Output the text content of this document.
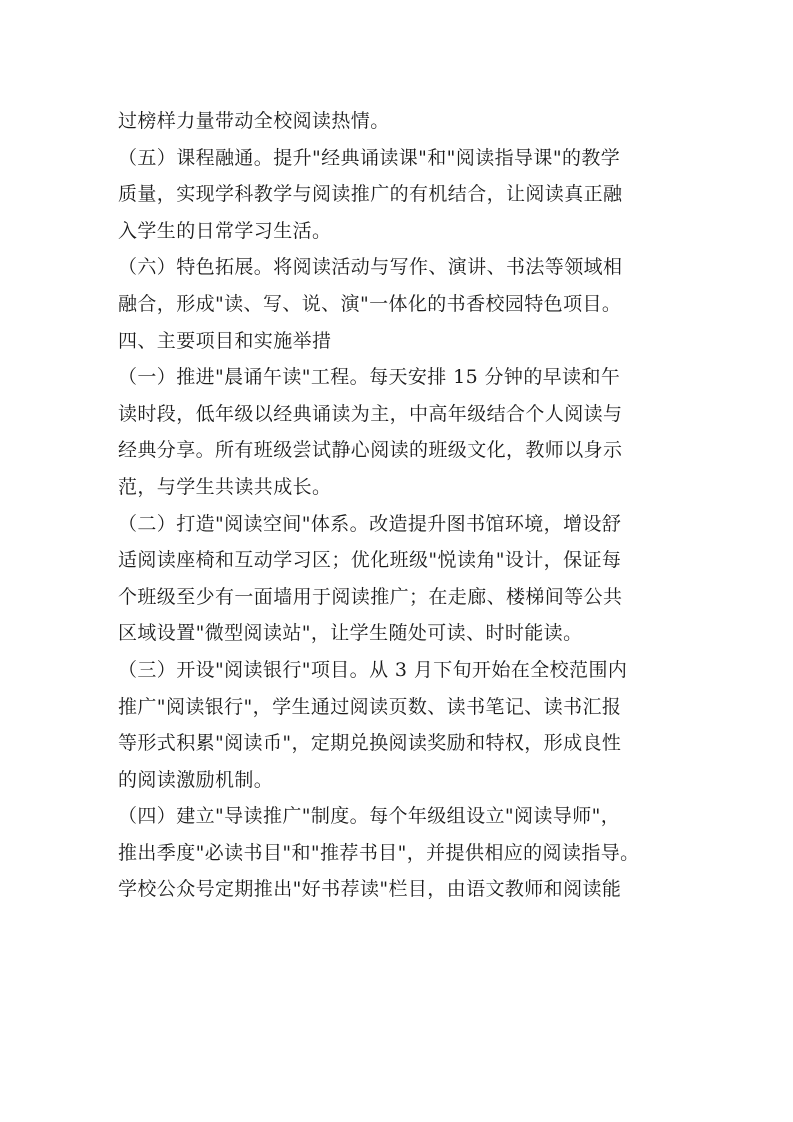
过榜样力量带动全校阅读热情。
（五）课程融通。提升"经典诵读课"和"阅读指导课"的教学
质量，实现学科教学与阅读推广的有机结合，让阅读真正融
入学生的日常学习生活。
（六）特色拓展。将阅读活动与写作、演讲、书法等领域相
融合，形成"读、写、说、演"一体化的书香校园特色项目。
四、主要项目和实施举措
（一）推进"晨诵午读"工程。每天安排 15 分钟的早读和午
读时段，低年级以经典诵读为主，中高年级结合个人阅读与
经典分享。所有班级尝试静心阅读的班级文化，教师以身示
范，与学生共读共成长。
（二）打造"阅读空间"体系。改造提升图书馆环境，增设舒
适阅读座椅和互动学习区；优化班级"悦读角"设计，保证每
个班级至少有一面墙用于阅读推广；在走廊、楼梯间等公共
区域设置"微型阅读站"，让学生随处可读、时时能读。
（三）开设"阅读银行"项目。从 3 月下旬开始在全校范围内
推广"阅读银行"，学生通过阅读页数、读书笔记、读书汇报
等形式积累"阅读币"，定期兑换阅读奖励和特权，形成良性
的阅读激励机制。
（四）建立"导读推广"制度。每个年级组设立"阅读导师"，
推出季度"必读书目"和"推荐书目"，并提供相应的阅读指导。
学校公众号定期推出"好书荐读"栏目，由语文教师和阅读能
